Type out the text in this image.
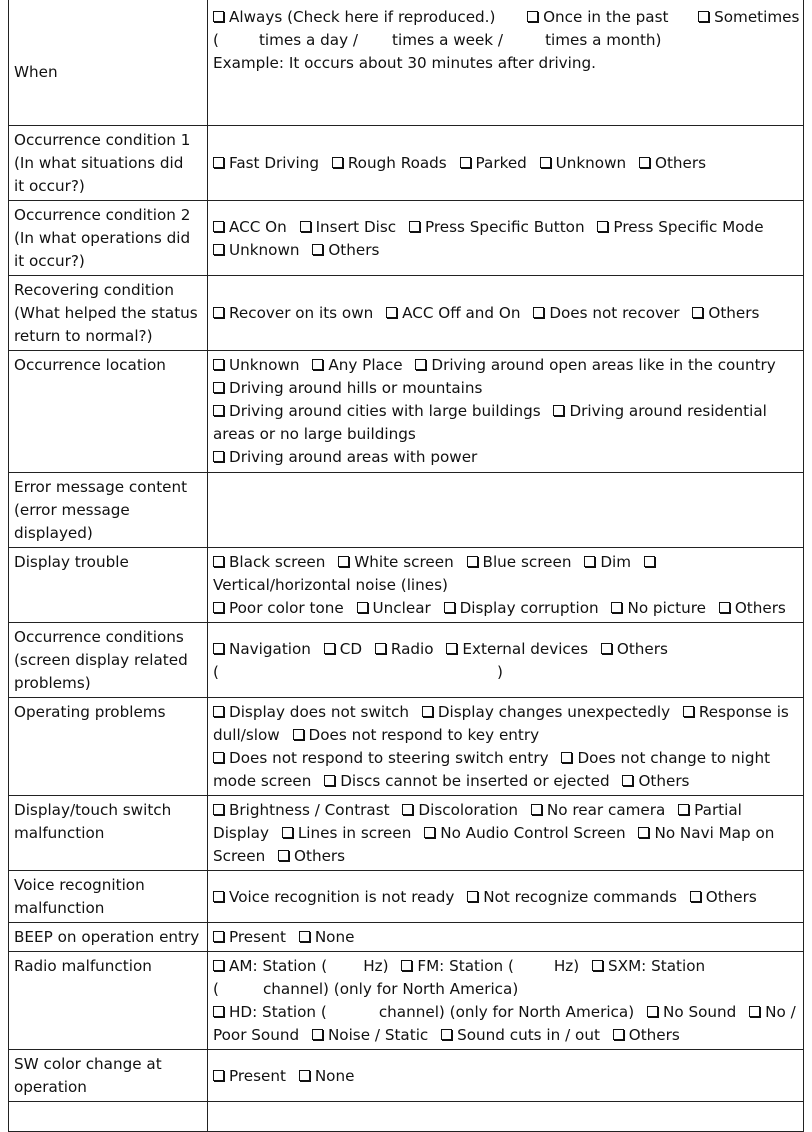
When	Always (Check here if reproduced.) Once in the past Sometimes
( times a day / times a week / times a month)
Example: It occurs about 30 minutes after driving.

Occurrence condition 1
(In what situations did
it occur?)	Fast Driving Rough Roads Parked Unknown Others

Occurrence condition 2
(In what operations did
it occur?)	ACC On Insert Disc Press Specific Button Press Specific Mode
Unknown Others

Recovering condition
(What helped the status
return to normal?)	Recover on its own ACC Off and On Does not recover Others

Occurrence location	Unknown Any Place Driving around open areas like in the country
Driving around hills or mountains
Driving around cities with large buildings Driving around residential areas or no large buildings
Driving around areas with power

Error message content
(error message
displayed)	

Display trouble	Black screen White screen Blue screen Dim
Vertical/horizontal noise (lines)
Poor color tone Unclear Display corruption No picture Others

Occurrence conditions
(screen display related
problems)	Navigation CD Radio External devices Others
( )

Operating problems	Display does not switch Display changes unexpectedly Response is dull/slow Does not respond to key entry
Does not respond to steering switch entry Does not change to night mode screen Discs cannot be inserted or ejected Others

Display/touch switch
malfunction	Brightness / Contrast Discoloration No rear camera Partial Display Lines in screen No Audio Control Screen No Navi Map on Screen Others

Voice recognition
malfunction	Voice recognition is not ready Not recognize commands Others

BEEP on operation entry	Present None

Radio malfunction	AM: Station ( Hz) FM: Station ( Hz) SXM: Station
( channel) (only for North America)
HD: Station ( channel) (only for North America) No Sound No / Poor Sound Noise / Static Sound cuts in / out Others

SW color change at
operation	Present None
